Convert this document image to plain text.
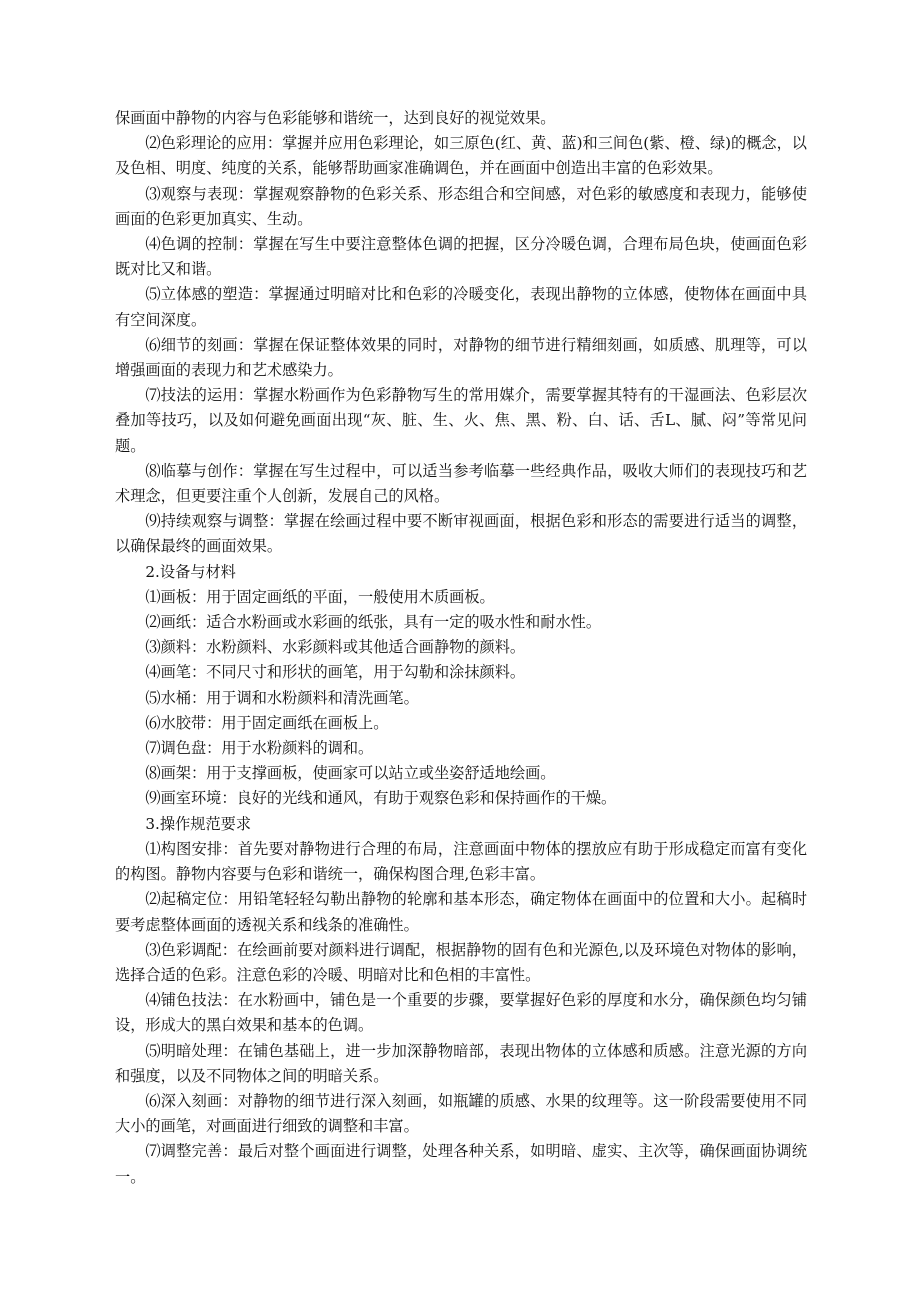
保画面中静物的内容与色彩能够和谐统一，达到良好的视觉效果。

⑵色彩理论的应用：掌握并应用色彩理论，如三原色(红、黄、蓝)和三间色(紫、橙、绿)的概念，以及色相、明度、纯度的关系，能够帮助画家准确调色，并在画面中创造出丰富的色彩效果。

⑶观察与表现：掌握观察静物的色彩关系、形态组合和空间感，对色彩的敏感度和表现力，能够使画面的色彩更加真实、生动。

⑷色调的控制：掌握在写生中要注意整体色调的把握，区分冷暖色调，合理布局色块，使画面色彩既对比又和谐。

⑸立体感的塑造：掌握通过明暗对比和色彩的冷暖变化，表现出静物的立体感，使物体在画面中具有空间深度。

⑹细节的刻画：掌握在保证整体效果的同时，对静物的细节进行精细刻画，如质感、肌理等，可以增强画面的表现力和艺术感染力。

⑺技法的运用：掌握水粉画作为色彩静物写生的常用媒介，需要掌握其特有的干湿画法、色彩层次叠加等技巧，以及如何避免画面出现“灰、脏、生、火、焦、黑、粉、白、话、舌L、腻、闷”等常见问题。

⑻临摹与创作：掌握在写生过程中，可以适当参考临摹一些经典作品，吸收大师们的表现技巧和艺术理念，但更要注重个人创新，发展自己的风格。

⑼持续观察与调整：掌握在绘画过程中要不断审视画面，根据色彩和形态的需要进行适当的调整，以确保最终的画面效果。

2.设备与材料

⑴画板：用于固定画纸的平面，一般使用木质画板。

⑵画纸：适合水粉画或水彩画的纸张，具有一定的吸水性和耐水性。

⑶颜料：水粉颜料、水彩颜料或其他适合画静物的颜料。

⑷画笔：不同尺寸和形状的画笔，用于勾勒和涂抹颜料。

⑸水桶：用于调和水粉颜料和清洗画笔。

⑹水胶带：用于固定画纸在画板上。

⑺调色盘：用于水粉颜料的调和。

⑻画架：用于支撑画板，使画家可以站立或坐姿舒适地绘画。

⑼画室环境：良好的光线和通风，有助于观察色彩和保持画作的干燥。

3.操作规范要求

⑴构图安排：首先要对静物进行合理的布局，注意画面中物体的摆放应有助于形成稳定而富有变化的构图。静物内容要与色彩和谐统一，确保构图合理,色彩丰富。

⑵起稿定位：用铅笔轻轻勾勒出静物的轮廓和基本形态，确定物体在画面中的位置和大小。起稿时要考虑整体画面的透视关系和线条的准确性。

⑶色彩调配：在绘画前要对颜料进行调配，根据静物的固有色和光源色,以及环境色对物体的影响，选择合适的色彩。注意色彩的冷暖、明暗对比和色相的丰富性。

⑷铺色技法：在水粉画中，铺色是一个重要的步骤，要掌握好色彩的厚度和水分，确保颜色均匀铺设，形成大的黑白效果和基本的色调。

⑸明暗处理：在铺色基础上，进一步加深静物暗部，表现出物体的立体感和质感。注意光源的方向和强度，以及不同物体之间的明暗关系。

⑹深入刻画：对静物的细节进行深入刻画，如瓶罐的质感、水果的纹理等。这一阶段需要使用不同大小的画笔，对画面进行细致的调整和丰富。

⑺调整完善：最后对整个画面进行调整，处理各种关系，如明暗、虚实、主次等，确保画面协调统一。
